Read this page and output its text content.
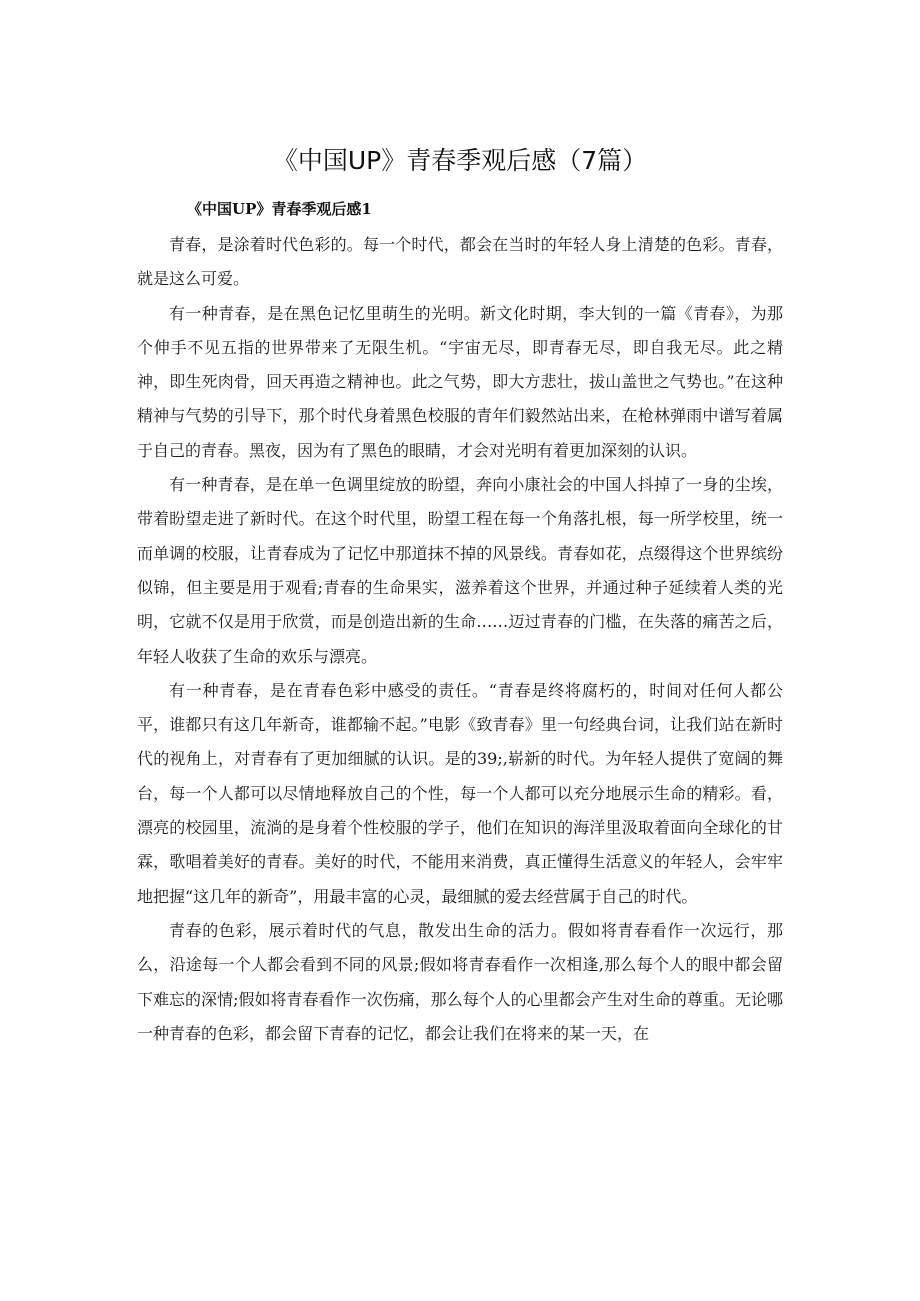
《中国UP》青春季观后感（7篇）
《中国UP》青春季观后感1

青春，是涂着时代色彩的。每一个时代，都会在当时的年轻人身上清楚的色彩。青春，就是这么可爱。

有一种青春，是在黑色记忆里萌生的光明。新文化时期，李大钊的一篇《青春》，为那个伸手不见五指的世界带来了无限生机。“宇宙无尽，即青春无尽，即自我无尽。此之精神，即生死肉骨，回天再造之精神也。此之气势，即大方悲壮，拔山盖世之气势也。”在这种精神与气势的引导下，那个时代身着黑色校服的青年们毅然站出来，在枪林弹雨中谱写着属于自己的青春。黑夜，因为有了黑色的眼睛，才会对光明有着更加深刻的认识。

有一种青春，是在单一色调里绽放的盼望，奔向小康社会的中国人抖掉了一身的尘埃，带着盼望走进了新时代。在这个时代里，盼望工程在每一个角落扎根，每一所学校里，统一而单调的校服，让青春成为了记忆中那道抹不掉的风景线。青春如花，点缀得这个世界缤纷似锦，但主要是用于观看;青春的生命果实，滋养着这个世界，并通过种子延续着人类的光明，它就不仅是用于欣赏，而是创造出新的生命……迈过青春的门槛，在失落的痛苦之后，年轻人收获了生命的欢乐与漂亮。

有一种青春，是在青春色彩中感受的责任。“青春是终将腐朽的，时间对任何人都公平，谁都只有这几年新奇，谁都输不起。”电影《致青春》里一句经典台词，让我们站在新时代的视角上，对青春有了更加细腻的认识。是的39;,崭新的时代。为年轻人提供了宽阔的舞台，每一个人都可以尽情地释放自己的个性，每一个人都可以充分地展示生命的精彩。看，漂亮的校园里，流淌的是身着个性校服的学子，他们在知识的海洋里汲取着面向全球化的甘霖，歌唱着美好的青春。美好的时代，不能用来消费，真正懂得生活意义的年轻人，会牢牢地把握“这几年的新奇”，用最丰富的心灵，最细腻的爱去经营属于自己的时代。

青春的色彩，展示着时代的气息，散发出生命的活力。假如将青春看作一次远行，那么，沿途每一个人都会看到不同的风景;假如将青春看作一次相逢,那么每个人的眼中都会留下难忘的深情;假如将青春看作一次伤痛，那么每个人的心里都会产生对生命的尊重。无论哪一种青春的色彩，都会留下青春的记忆，都会让我们在将来的某一天，在
